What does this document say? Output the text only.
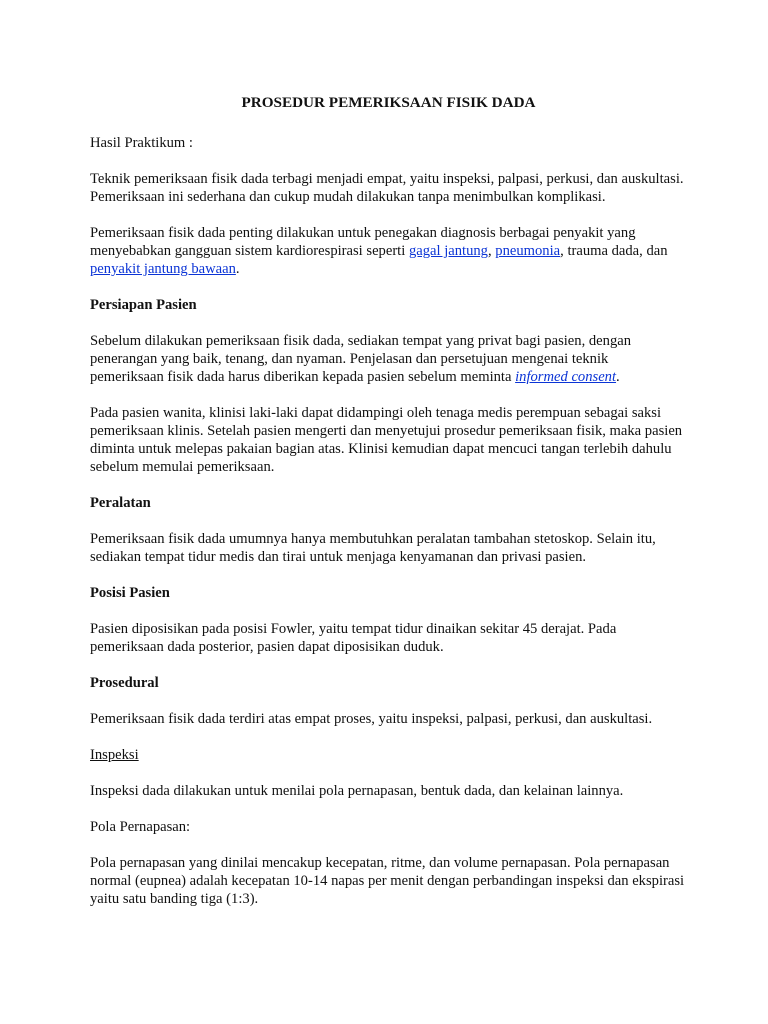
PROSEDUR PEMERIKSAAN FISIK DADA

Hasil Praktikum :

Teknik pemeriksaan fisik dada terbagi menjadi empat, yaitu inspeksi, palpasi, perkusi, dan auskultasi. Pemeriksaan ini sederhana dan cukup mudah dilakukan tanpa menimbulkan komplikasi.

Pemeriksaan fisik dada penting dilakukan untuk penegakan diagnosis berbagai penyakit yang menyebabkan gangguan sistem kardiorespirasi seperti gagal jantung, pneumonia, trauma dada, dan penyakit jantung bawaan.

Persiapan Pasien

Sebelum dilakukan pemeriksaan fisik dada, sediakan tempat yang privat bagi pasien, dengan penerangan yang baik, tenang, dan nyaman. Penjelasan dan persetujuan mengenai teknik pemeriksaan fisik dada harus diberikan kepada pasien sebelum meminta informed consent.

Pada pasien wanita, klinisi laki-laki dapat didampingi oleh tenaga medis perempuan sebagai saksi pemeriksaan klinis. Setelah pasien mengerti dan menyetujui prosedur pemeriksaan fisik, maka pasien diminta untuk melepas pakaian bagian atas. Klinisi kemudian dapat mencuci tangan terlebih dahulu sebelum memulai pemeriksaan.

Peralatan

Pemeriksaan fisik dada umumnya hanya membutuhkan peralatan tambahan stetoskop. Selain itu, sediakan tempat tidur medis dan tirai untuk menjaga kenyamanan dan privasi pasien.

Posisi Pasien

Pasien diposisikan pada posisi Fowler, yaitu tempat tidur dinaikan sekitar 45 derajat. Pada pemeriksaan dada posterior, pasien dapat diposisikan duduk.

Prosedural

Pemeriksaan fisik dada terdiri atas empat proses, yaitu inspeksi, palpasi, perkusi, dan auskultasi.

Inspeksi

Inspeksi dada dilakukan untuk menilai pola pernapasan, bentuk dada, dan kelainan lainnya.

Pola Pernapasan:

Pola pernapasan yang dinilai mencakup kecepatan, ritme, dan volume pernapasan. Pola pernapasan normal (eupnea) adalah kecepatan 10-14 napas per menit dengan perbandingan inspeksi dan ekspirasi yaitu satu banding tiga (1:3).
